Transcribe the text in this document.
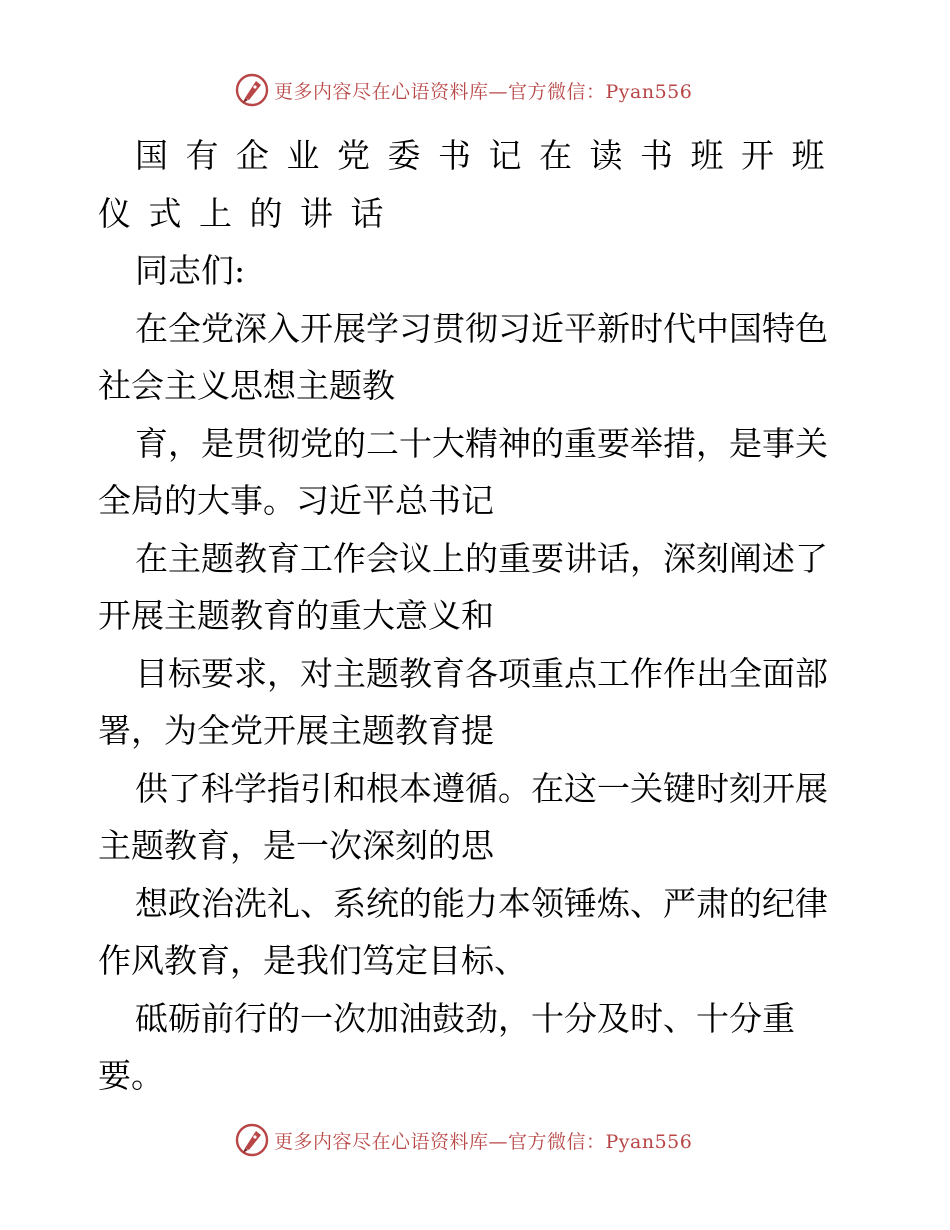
更多内容尽在心语资料库—官方微信：Pyan556
国有企业党委书记在读书班开班
仪式上的讲话
同志们:
在全党深入开展学习贯彻习近平新时代中国特色
社会主义思想主题教
育，是贯彻党的二十大精神的重要举措，是事关
全局的大事。习近平总书记
在主题教育工作会议上的重要讲话，深刻阐述了
开展主题教育的重大意义和
目标要求，对主题教育各项重点工作作出全面部
署，为全党开展主题教育提
供了科学指引和根本遵循。在这一关键时刻开展
主题教育，是一次深刻的思
想政治洗礼、系统的能力本领锤炼、严肃的纪律
作风教育，是我们笃定目标、
砥砺前行的一次加油鼓劲，十分及时、十分重
要。
更多内容尽在心语资料库—官方微信：Pyan556
